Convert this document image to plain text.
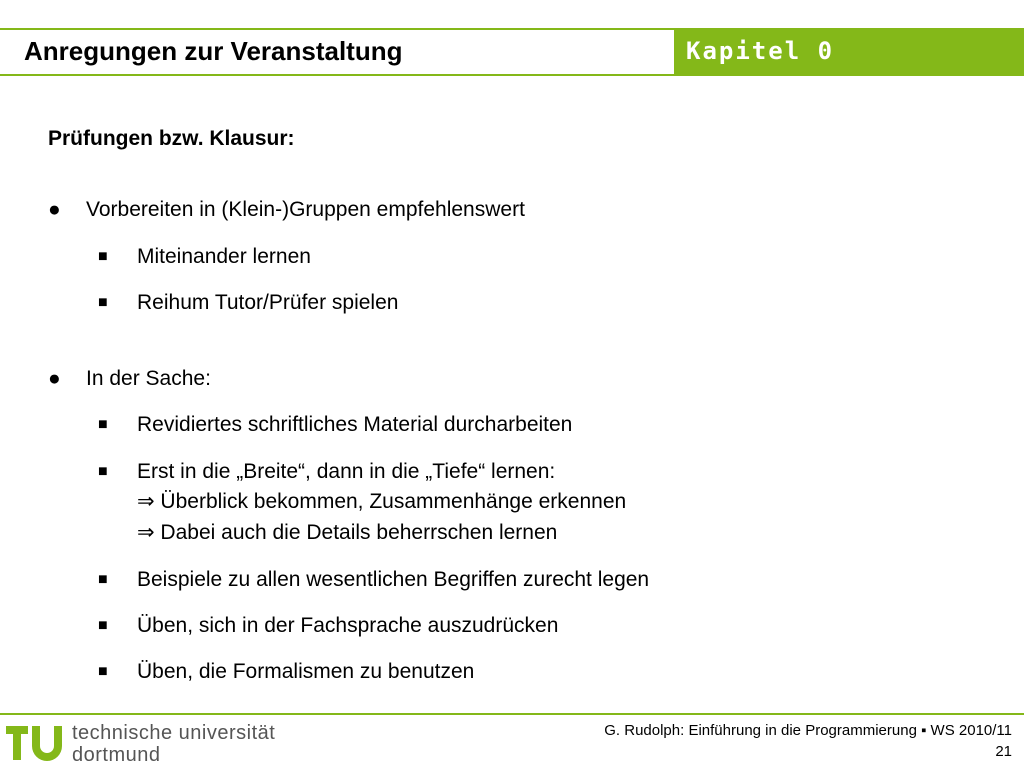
Kapitel 0
Anregungen zur Veranstaltung
Prüfungen bzw. Klausur:
● Vorbereiten in (Klein-)Gruppen empfehlenswert
■ Miteinander lernen
■ Reihum Tutor/Prüfer spielen
● In der Sache:
■ Revidiertes schriftliches Material durcharbeiten
■ Erst in die „Breite“, dann in die „Tiefe“ lernen:
⇒ Überblick bekommen, Zusammenhänge erkennen
⇒ Dabei auch die Details beherrschen lernen
■ Beispiele zu allen wesentlichen Begriffen zurecht legen
■ Üben, sich in der Fachsprache auszudrücken
■ Üben, die Formalismen zu benutzen
technische universität
dortmund
G. Rudolph: Einführung in die Programmierung ▪ WS 2010/11
21
